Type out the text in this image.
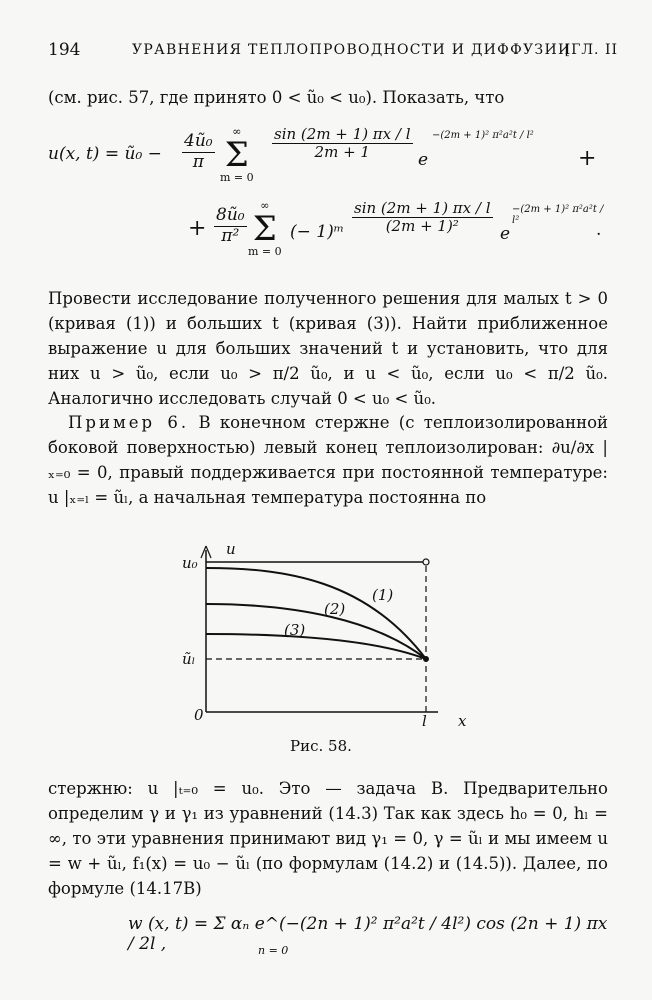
194	УРАВНЕНИЯ ТЕПЛОПРОВОДНОСТИ И ДИФФУЗИИ
[ГЛ. II
(см. рис. 57, где принято 0 < ũ₀ < u₀). Показать, что
u(x, t) = ũ₀ − $\frac{\text{4ũ₀}}{\pi}$
∞
Σ
m = 0
$\frac{\sin (2m + 1) \pi x / l}{2m + 1}$ e
−(2m + 1)² π²a²t / l²
+
+ $\frac{\text{8ũ₀}}{\text{π²}}$
∞
Σ
m = 0
(− 1)ᵐ $\frac{\sin (2m + 1) \pi x / l}{\text{(2m + 1)²}}$ e
−(2m + 1)² π²a²t / l²	.
Провести исследование полученного решения для малых t > 0 (кривая (1)) и больших t (кривая (3)). Найти приближенное выражение u для больших значений t и установить, что для них u > ũ₀, если u₀ > π/2 ũ₀, и u < ũ₀, если u₀ < π/2 ũ₀. Аналогично исследовать случай 0 < u₀ < ũ₀.
Пример 6. В конечном стержне (с теплоизолированной боковой поверхностью) левый конец теплоизолирован: ∂u/∂x |ₓ₌₀ = 0, правый поддерживается при постоянной температуре: u |ₓ₌ₗ = ũₗ, а начальная температура постоянна по
u
x
u₀
ũₗ
0	l
(1)
(2)
(3)
Рис. 58.
стержню: u |ₜ₌₀ = u₀. Это — задача В. Предварительно определим γ и γ₁ из уравнений (14.3) Так как здесь h₀ = 0, hₗ = ∞, то эти уравнения принимают вид γ₁ = 0, γ = ũₗ и мы имеем u = w + ũₗ, f₁(x) = u₀ − ũₗ (по формулам (14.2) и (14.5)). Далее, по формуле (14.17В)
w (x, t) = Σ αₙ e^(−(2n + 1)² π²a²t / 4l²) cos (2n + 1) πx / 2l ,	n = 0
